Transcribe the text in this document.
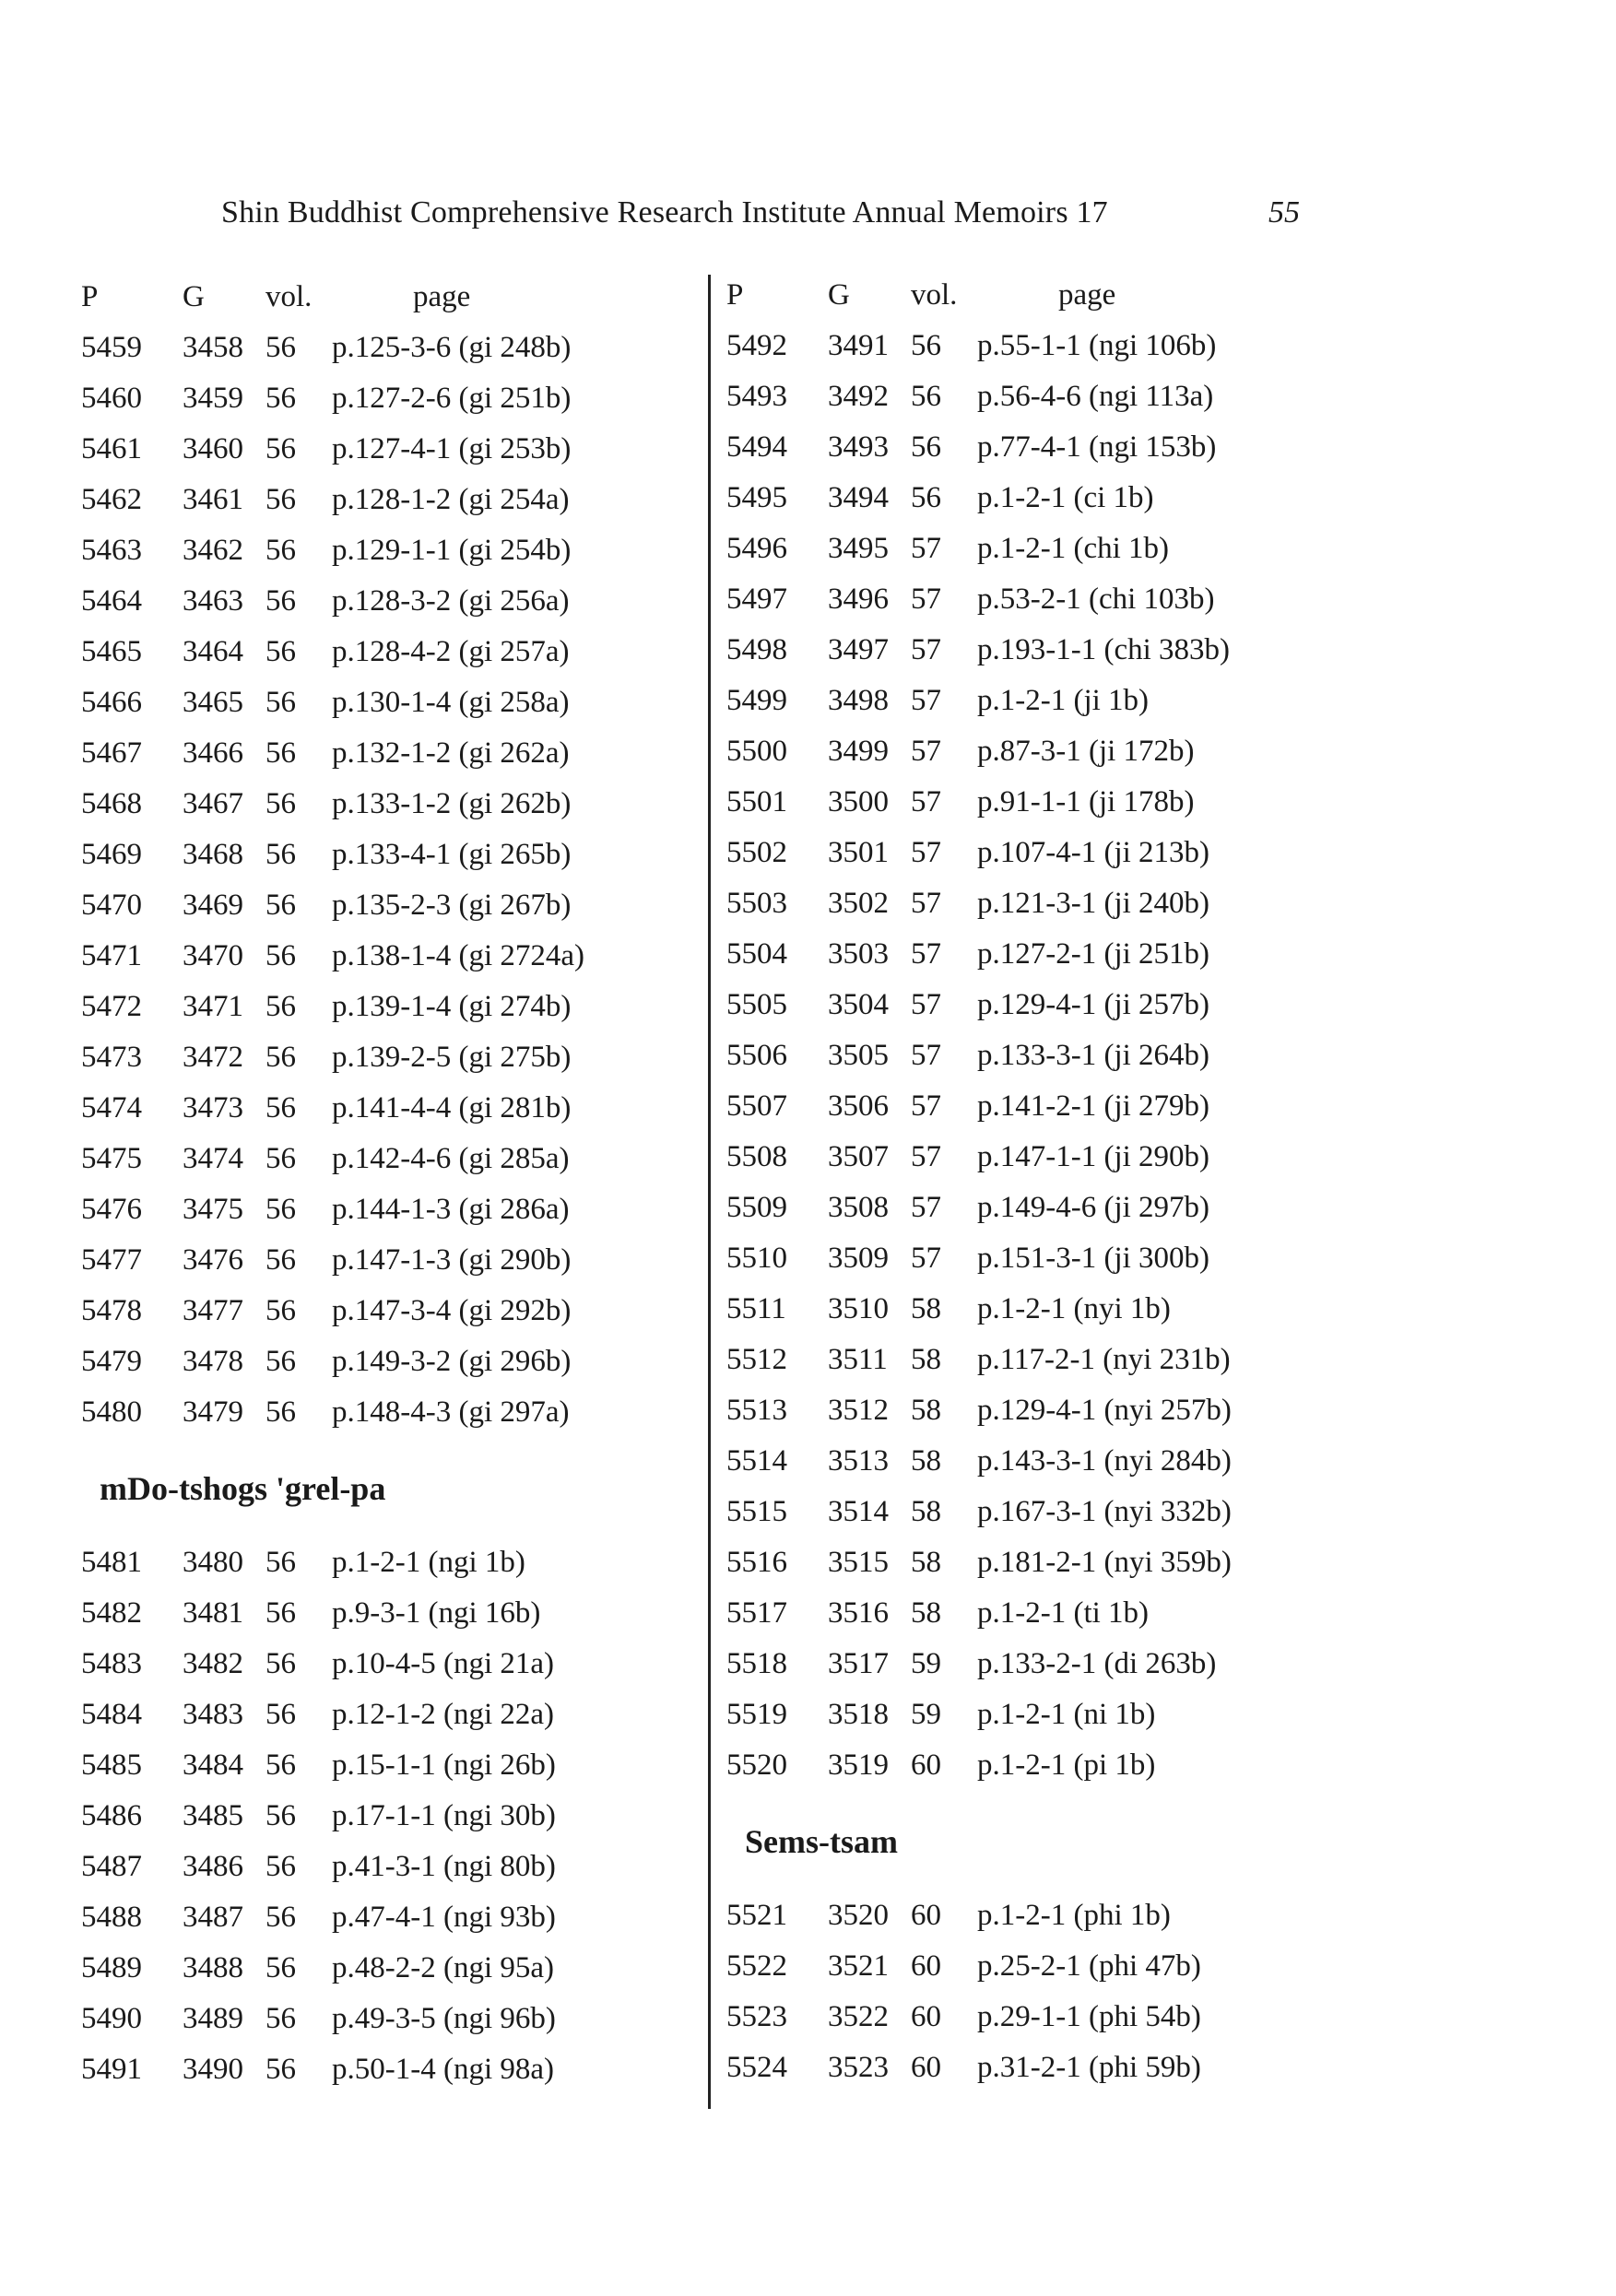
Shin Buddhist Comprehensive Research Institute Annual Memoirs 17	55
P	G vol.	page
5459 3458 56 p.125-3-6 (gi 248b)
5460 3459 56 p.127-2-6 (gi 251b)
5461 3460 56 p.127-4-1 (gi 253b)
5462 3461 56 p.128-1-2 (gi 254a)
5463 3462 56 p.129-1-1 (gi 254b)
5464 3463 56 p.128-3-2 (gi 256a)
5465 3464 56 p.128-4-2 (gi 257a)
5466 3465 56 p.130-1-4 (gi 258a)
5467 3466 56 p.132-1-2 (gi 262a)
5468 3467 56 p.133-1-2 (gi 262b)
5469 3468 56 p.133-4-1 (gi 265b)
5470 3469 56 p.135-2-3 (gi 267b)
5471 3470 56 p.138-1-4 (gi 2724a)
5472 3471 56 p.139-1-4 (gi 274b)
5473 3472 56 p.139-2-5 (gi 275b)
5474 3473 56 p.141-4-4 (gi 281b)
5475 3474 56 p.142-4-6 (gi 285a)
5476 3475 56 p.144-1-3 (gi 286a)
5477 3476 56 p.147-1-3 (gi 290b)
5478 3477 56 p.147-3-4 (gi 292b)
5479 3478 56 p.149-3-2 (gi 296b)
5480 3479 56 p.148-4-3 (gi 297a)
mDo-tshogs 'grel-pa
5481 3480 56 p.1-2-1 (ngi 1b)
5482 3481 56 p.9-3-1 (ngi 16b)
5483 3482 56 p.10-4-5 (ngi 21a)
5484 3483 56 p.12-1-2 (ngi 22a)
5485 3484 56 p.15-1-1 (ngi 26b)
5486 3485 56 p.17-1-1 (ngi 30b)
5487 3486 56 p.41-3-1 (ngi 80b)
5488 3487 56 p.47-4-1 (ngi 93b)
5489 3488 56 p.48-2-2 (ngi 95a)
5490 3489 56 p.49-3-5 (ngi 96b)
5491 3490 56 p.50-1-4 (ngi 98a)
P	G vol.	page
5492 3491 56 p.55-1-1 (ngi 106b)
5493 3492 56 p.56-4-6 (ngi 113a)
5494 3493 56 p.77-4-1 (ngi 153b)
5495 3494 56 p.1-2-1 (ci 1b)
5496 3495 57 p.1-2-1 (chi 1b)
5497 3496 57 p.53-2-1 (chi 103b)
5498 3497 57 p.193-1-1 (chi 383b)
5499 3498 57 p.1-2-1 (ji 1b)
5500 3499 57 p.87-3-1 (ji 172b)
5501 3500 57 p.91-1-1 (ji 178b)
5502 3501 57 p.107-4-1 (ji 213b)
5503 3502 57 p.121-3-1 (ji 240b)
5504 3503 57 p.127-2-1 (ji 251b)
5505 3504 57 p.129-4-1 (ji 257b)
5506 3505 57 p.133-3-1 (ji 264b)
5507 3506 57 p.141-2-1 (ji 279b)
5508 3507 57 p.147-1-1 (ji 290b)
5509 3508 57 p.149-4-6 (ji 297b)
5510 3509 57 p.151-3-1 (ji 300b)
5511 3510 58 p.1-2-1 (nyi 1b)
5512 3511 58 p.117-2-1 (nyi 231b)
5513 3512 58 p.129-4-1 (nyi 257b)
5514 3513 58 p.143-3-1 (nyi 284b)
5515 3514 58 p.167-3-1 (nyi 332b)
5516 3515 58 p.181-2-1 (nyi 359b)
5517 3516 58 p.1-2-1 (ti 1b)
5518 3517 59 p.133-2-1 (di 263b)
5519 3518 59 p.1-2-1 (ni 1b)
5520 3519 60 p.1-2-1 (pi 1b)
Sems-tsam
5521 3520 60 p.1-2-1 (phi 1b)
5522 3521 60 p.25-2-1 (phi 47b)
5523 3522 60 p.29-1-1 (phi 54b)
5524 3523 60 p.31-2-1 (phi 59b)
